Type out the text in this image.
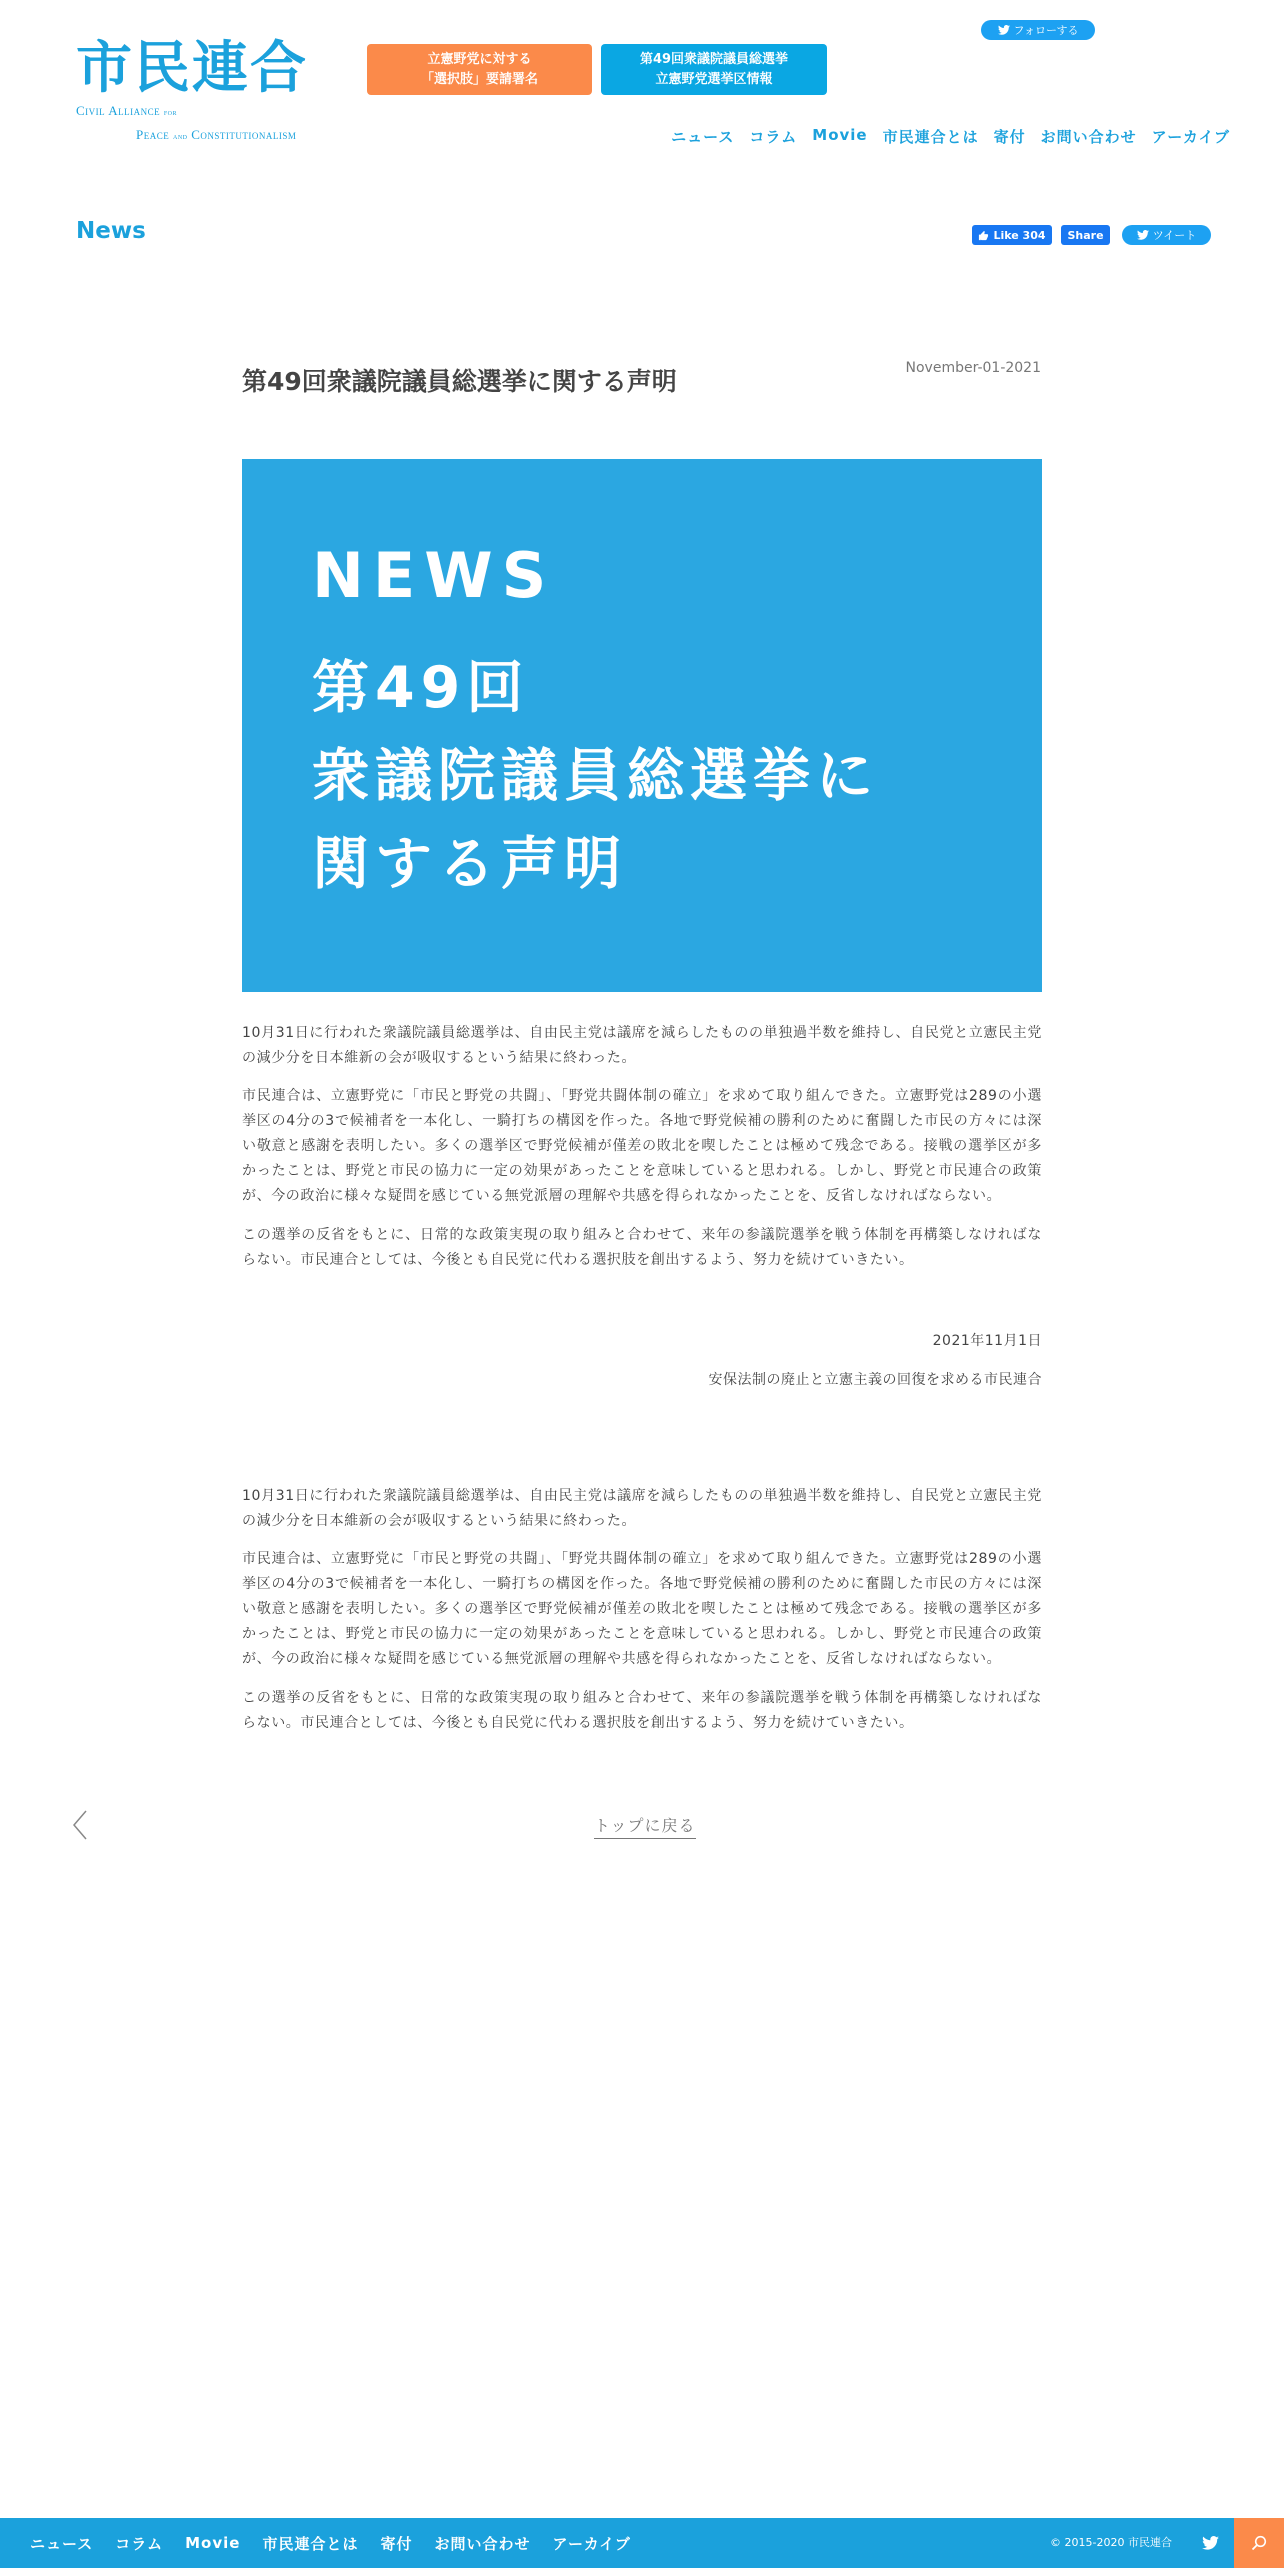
市民連合
Civil Alliance for
Peace and Constitutionalism
立憲野党に対する
「選択肢」要請署名
第49回衆議院議員総選挙
立憲野党選挙区情報
フォローする
ニュース コラム Movie 市民連合とは 寄付 お問い合わせ アーカイブ
News	Like 304 Share	ツイート
第49回衆議院議員総選挙に関する声明	November-01-2021
NEWS
第49回
衆議院議員総選挙に
関する声明

10月31日に行われた衆議院議員総選挙は、自由民主党は議席を減らしたものの単独過半数を維持し、自民党と立憲民主党の減少分を日本維新の会が吸収するという結果に終わった。

市民連合は、立憲野党に「市民と野党の共闘」、「野党共闘体制の確立」を求めて取り組んできた。立憲野党は289の小選挙区の4分の3で候補者を一本化し、一騎打ちの構図を作った。各地で野党候補の勝利のために奮闘した市民の方々には深い敬意と感謝を表明したい。多くの選挙区で野党候補が僅差の敗北を喫したことは極めて残念である。接戦の選挙区が多かったことは、野党と市民の協力に一定の効果があったことを意味していると思われる。しかし、野党と市民連合の政策が、今の政治に様々な疑問を感じている無党派層の理解や共感を得られなかったことを、反省しなければならない。

この選挙の反省をもとに、日常的な政策実現の取り組みと合わせて、来年の参議院選挙を戦う体制を再構築しなければならない。市民連合としては、今後とも自民党に代わる選択肢を創出するよう、努力を続けていきたい。

2021年11月1日
安保法制の廃止と立憲主義の回復を求める市民連合

10月31日に行われた衆議院議員総選挙は、自由民主党は議席を減らしたものの単独過半数を維持し、自民党と立憲民主党の減少分を日本維新の会が吸収するという結果に終わった。

市民連合は、立憲野党に「市民と野党の共闘」、「野党共闘体制の確立」を求めて取り組んできた。立憲野党は289の小選挙区の4分の3で候補者を一本化し、一騎打ちの構図を作った。各地で野党候補の勝利のために奮闘した市民の方々には深い敬意と感謝を表明したい。多くの選挙区で野党候補が僅差の敗北を喫したことは極めて残念である。接戦の選挙区が多かったことは、野党と市民の協力に一定の効果があったことを意味していると思われる。しかし、野党と市民連合の政策が、今の政治に様々な疑問を感じている無党派層の理解や共感を得られなかったことを、反省しなければならない。

この選挙の反省をもとに、日常的な政策実現の取り組みと合わせて、来年の参議院選挙を戦う体制を再構築しなければならない。市民連合としては、今後とも自民党に代わる選択肢を創出するよう、努力を続けていきたい。

トップに戻る
ニュース コラム Movie 市民連合とは 寄付 お問い合わせ アーカイブ	© 2015-2020 市民連合
